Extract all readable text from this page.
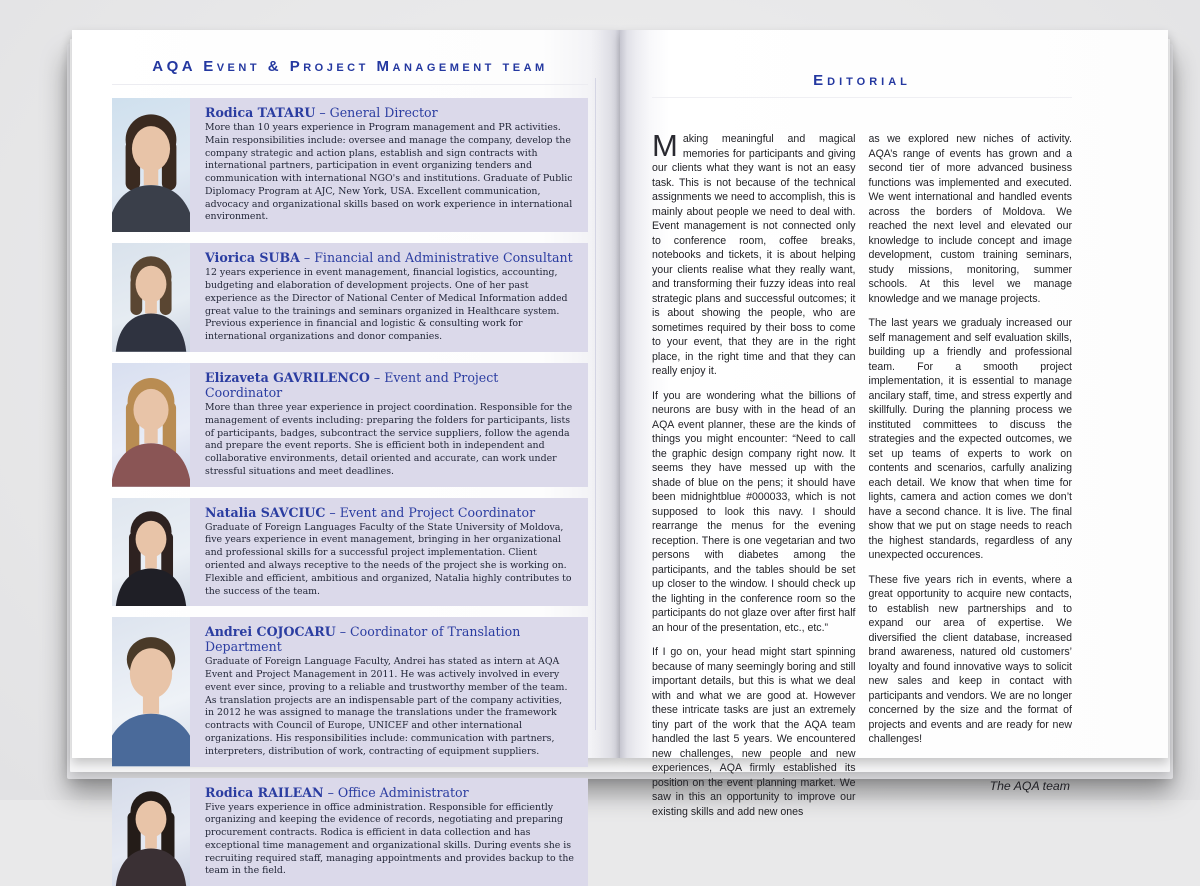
AQA Event & Project Management team
Rodica TATARU – General Director
More than 10 years experience in Program management and PR activities. Main responsibilities include: oversee and manage the company, develop the company strategic and action plans, establish and sign contracts with international partners, participation in event organizing tenders and communication with international NGO's and institutions. Graduate of Public Diplomacy Program at AJC, New York, USA. Excellent communication, advocacy and organizational skills based on work experience in international environment.
Viorica SUBA – Financial and Administrative Consultant
12 years experience in event management, financial logistics, accounting, budgeting and elaboration of development projects. One of her past experience as the Director of National Center of Medical Information added great value to the trainings and seminars organized in Healthcare system. Previous experience in financial and logistic & consulting work for international organizations and donor companies.
Elizaveta GAVRILENCO – Event and Project Coordinator
More than three year experience in project coordination. Responsible for the management of events including: preparing the folders for participants, lists of participants, badges, subcontract the service suppliers, follow the agenda and prepare the event reports. She is efficient both in independent and collaborative environments, detail oriented and accurate, can work under stressful situations and meet deadlines.
Natalia SAVCIUC – Event and Project Coordinator
Graduate of Foreign Languages Faculty of the State University of Moldova, five years experience in event management, bringing in her organizational and professional skills for a successful project implementation. Client oriented and always receptive to the needs of the project she is working on. Flexible and efficient, ambitious and organized, Natalia highly contributes to the success of the team.
Andrei COJOCARU – Coordinator of Translation Department
Graduate of Foreign Language Faculty, Andrei has stated as intern at AQA Event and Project Management in 2011. He was actively involved in every event ever since, proving to a reliable and trustworthy member of the team. As translation projects are an indispensable part of the company activities, in 2012 he was assigned to manage the translations under the framework contracts with Council of Europe, UNICEF and other international organizations. His responsibilities include: communication with partners, interpreters, distribution of work, contracting of equipment suppliers.
Rodica RAILEAN – Office Administrator
Five years experience in office administration. Responsible for efficiently organizing and keeping the evidence of records, negotiating and preparing procurement contracts. Rodica is efficient in data collection and has exceptional time management and organizational skills. During events she is recruiting required staff, managing appointments and provides backup to the team in the field.
Editorial

Making meaningful and magical memories for participants and giving our clients what they want is not an easy task. This is not because of the technical assignments we need to accomplish, this is mainly about people we need to deal with. Event management is not connected only to conference room, coffee breaks, notebooks and tickets, it is about helping your clients realise what they really want, and transforming their fuzzy ideas into real strategic plans and successful outcomes; it is about showing the people, who are sometimes required by their boss to come to your event, that they are in the right place, in the right time and that they can really enjoy it.

If you are wondering what the billions of neurons are busy with in the head of an AQA event planner, these are the kinds of things you might encounter: “Need to call the graphic design company right now. It seems they have messed up with the shade of blue on the pens; it should have been midnightblue #000033, which is not supposed to look this navy. I should rearrange the menus for the evening reception. There is one vegetarian and two persons with diabetes among the participants, and the tables should be set up closer to the window. I should check up the lighting in the conference room so the participants do not glaze over after first half an hour of the presentation, etc., etc.”

If I go on, your head might start spinning because of many seemingly boring and still important details, but this is what we deal with and what we are good at. However these intricate tasks are just an extremely tiny part of the work that the AQA team handled the last 5 years. We encountered new challenges, new people and new experiences, AQA firmly established its position on the event planning market. We saw in this an opportunity to improve our existing skills and add new ones

as we explored new niches of activity. AQA’s range of events has grown and a second tier of more advanced business functions was implemented and executed. We went international and handled events across the borders of Moldova. We reached the next level and elevated our knowledge to include concept and image development, custom training seminars, study missions, monitoring, summer schools. At this level we manage knowledge and we manage projects.

The last years we gradualy increased our self management and self evaluation skills, building up a friendly and professional team. For a smooth project implementation, it is essential to manage ancilary staff, time, and stress expertly and skillfully. During the planning process we instituted committees to discuss the strategies and the expected outcomes, we set up teams of experts to work on contents and scenarios, carfully analizing each detail. We know that when time for lights, camera and action comes we don’t have a second chance. It is live. The final show that we put on stage needs to reach the highest standards, regardless of any unexpected occurences.

These five years rich in events, where a great opportunity to acquire new contacts, to establish new partnerships and to expand our area of expertise. We diversified the client database, increased brand awareness, natured old customers’ loyalty and found innovative ways to solicit new sales and keep in contact with participants and vendors. We are no longer concerned by the size and the format of projects and events and are ready for new challenges!

The AQA team
